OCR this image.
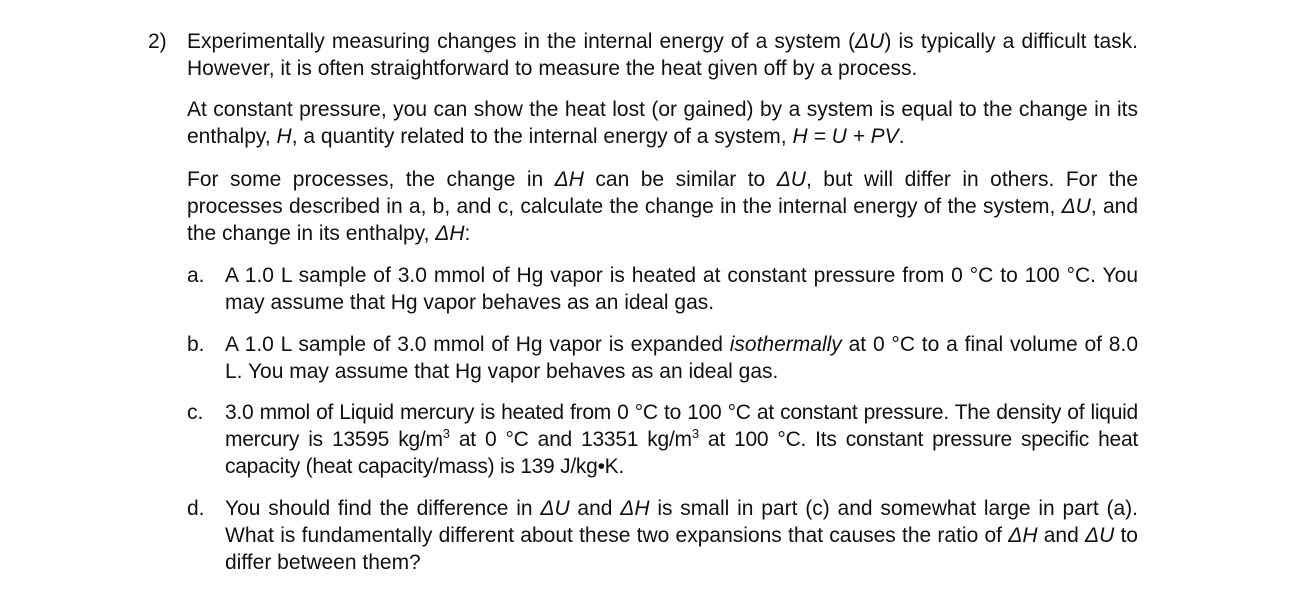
2) Experimentally measuring changes in the internal energy of a system (ΔU) is typically a difficult task. However, it is often straightforward to measure the heat given off by a process.
At constant pressure, you can show the heat lost (or gained) by a system is equal to the change in its enthalpy, H, a quantity related to the internal energy of a system, H = U + PV.
For some processes, the change in ΔH can be similar to ΔU, but will differ in others. For the processes described in a, b, and c, calculate the change in the internal energy of the system, ΔU, and the change in its enthalpy, ΔH:
a. A 1.0 L sample of 3.0 mmol of Hg vapor is heated at constant pressure from 0 °C to 100 °C. You may assume that Hg vapor behaves as an ideal gas.
b. A 1.0 L sample of 3.0 mmol of Hg vapor is expanded isothermally at 0 °C to a final volume of 8.0 L. You may assume that Hg vapor behaves as an ideal gas.
c. 3.0 mmol of Liquid mercury is heated from 0 °C to 100 °C at constant pressure. The density of liquid mercury is 13595 $kg/m^3$ at 0 °C and 13351 $kg/m^3$ at 100 °C. Its constant pressure specific heat capacity (heat capacity/mass) is 139 J/kg•K.
d. You should find the difference in ΔU and ΔH is small in part (c) and somewhat large in part (a). What is fundamentally different about these two expansions that causes the ratio of ΔH and ΔU to differ between them?
